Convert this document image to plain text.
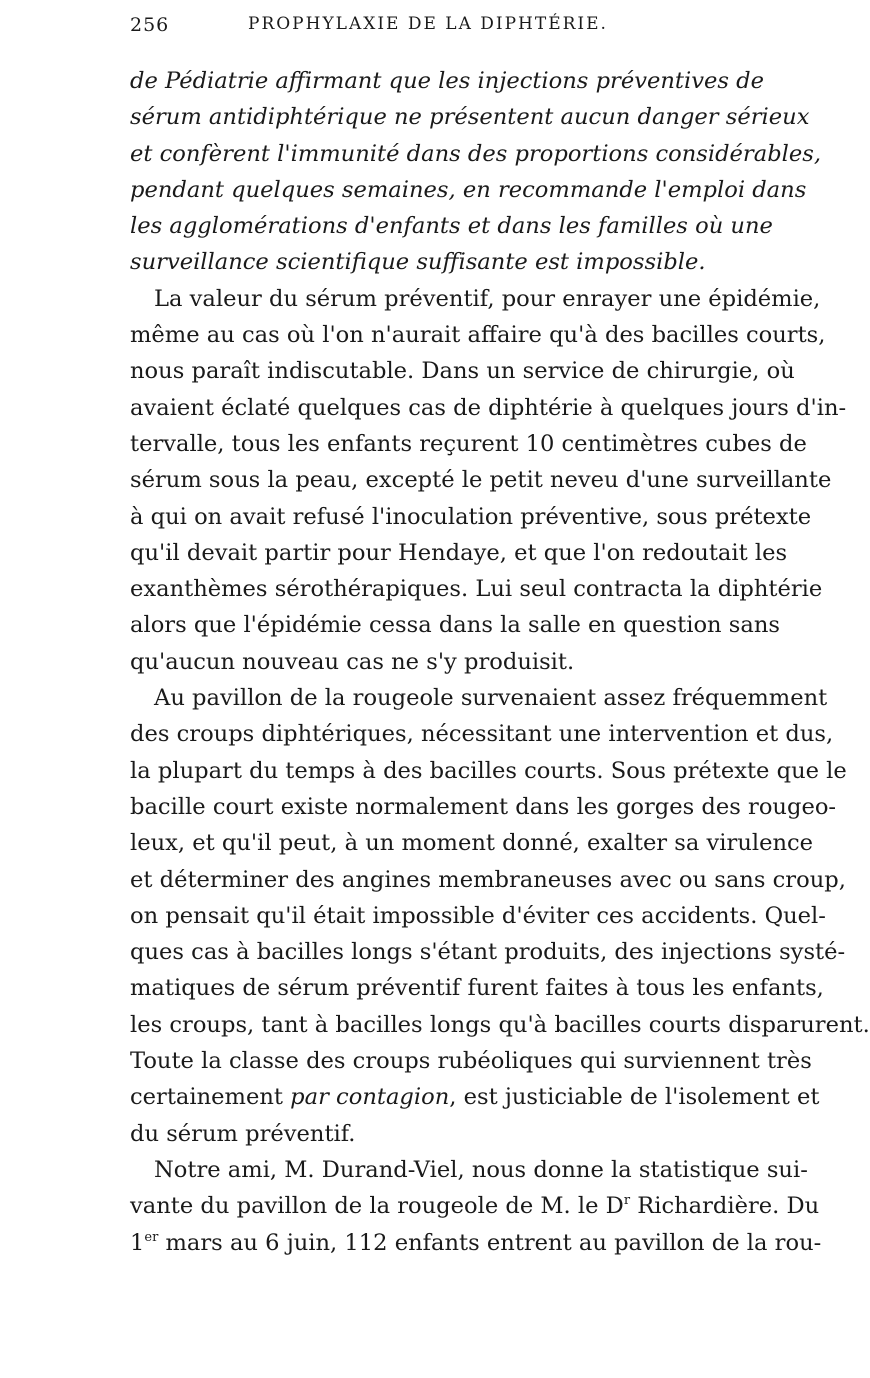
256	PROPHYLAXIE DE LA DIPHTÉRIE.
de Pédiatrie affirmant que les injections préventives de
sérum antidiphtérique ne présentent aucun danger sérieux
et confèrent l'immunité dans des proportions considérables,
pendant quelques semaines, en recommande l'emploi dans
les agglomérations d'enfants et dans les familles où une
surveillance scientifique suffisante est impossible.
La valeur du sérum préventif, pour enrayer une épidémie,
même au cas où l'on n'aurait affaire qu'à des bacilles courts,
nous paraît indiscutable. Dans un service de chirurgie, où
avaient éclaté quelques cas de diphtérie à quelques jours d'in-
tervalle, tous les enfants reçurent 10 centimètres cubes de
sérum sous la peau, excepté le petit neveu d'une surveillante
à qui on avait refusé l'inoculation préventive, sous prétexte
qu'il devait partir pour Hendaye, et que l'on redoutait les
exanthèmes sérothérapiques. Lui seul contracta la diphtérie
alors que l'épidémie cessa dans la salle en question sans
qu'aucun nouveau cas ne s'y produisit.
Au pavillon de la rougeole survenaient assez fréquemment
des croups diphtériques, nécessitant une intervention et dus,
la plupart du temps à des bacilles courts. Sous prétexte que le
bacille court existe normalement dans les gorges des rougeo-
leux, et qu'il peut, à un moment donné, exalter sa virulence
et déterminer des angines membraneuses avec ou sans croup,
on pensait qu'il était impossible d'éviter ces accidents. Quel-
ques cas à bacilles longs s'étant produits, des injections systé-
matiques de sérum préventif furent faites à tous les enfants,
les croups, tant à bacilles longs qu'à bacilles courts disparurent.
Toute la classe des croups rubéoliques qui surviennent très
certainement par contagion, est justiciable de l'isolement et
du sérum préventif.
Notre ami, M. Durand-Viel, nous donne la statistique sui-
vante du pavillon de la rougeole de M. le $D^r$ Richardière. Du
1er mars au 6 juin, 112 enfants entrent au pavillon de la rou-
